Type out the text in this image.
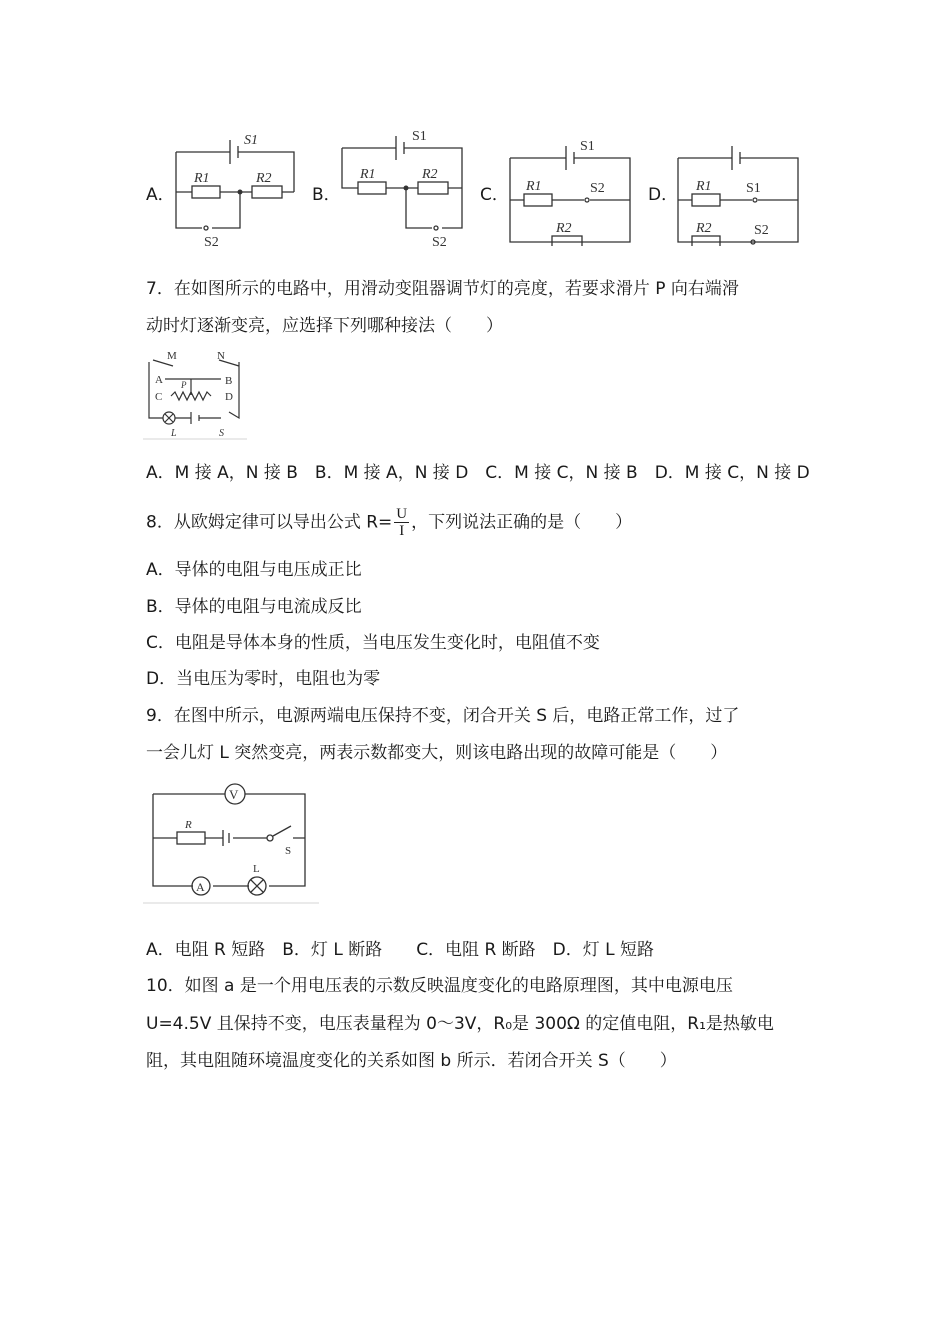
A．
S1
R1	R2
S2
B．
S1
R1	R2
S2
C．
S1
R1	S2
R2
D． R1 S1
R2	S2
7．在如图所示的电路中，用滑动变阻器调节灯的亮度，若要求滑片 P 向右端滑
动时灯逐渐变亮，应选择下列哪种接法（　　）
M	N
A	B
P
C	D
L	S
A．M 接 A，N 接 B　B．M 接 A，N 接 D　C．M 接 C，N 接 B　D．M 接 C，N 接 D
8．从欧姆定律可以导出公式 $R= \frac{U}{I}$ ，下列说法正确的是（　　）
A．导体的电阻与电压成正比
B．导体的电阻与电流成反比
C．电阻是导体本身的性质，当电压发生变化时，电阻值不变
D．当电压为零时，电阻也为零
9．在图中所示，电源两端电压保持不变，闭合开关 S 后，电路正常工作，过了
一会儿灯 L 突然变亮，两表示数都变大，则该电路出现的故障可能是（　　）
V
R
S
L
A
A．电阻 R 短路　B．灯 L 断路　　C．电阻 R 断路　D．灯 L 短路
10．如图 a 是一个用电压表的示数反映温度变化的电路原理图，其中电源电压
U=4.5V 且保持不变，电压表量程为 0～3V，R₀是 300Ω 的定值电阻，R₁是热敏电
阻，其电阻随环境温度变化的关系如图 b 所示．若闭合开关 S（　　）
